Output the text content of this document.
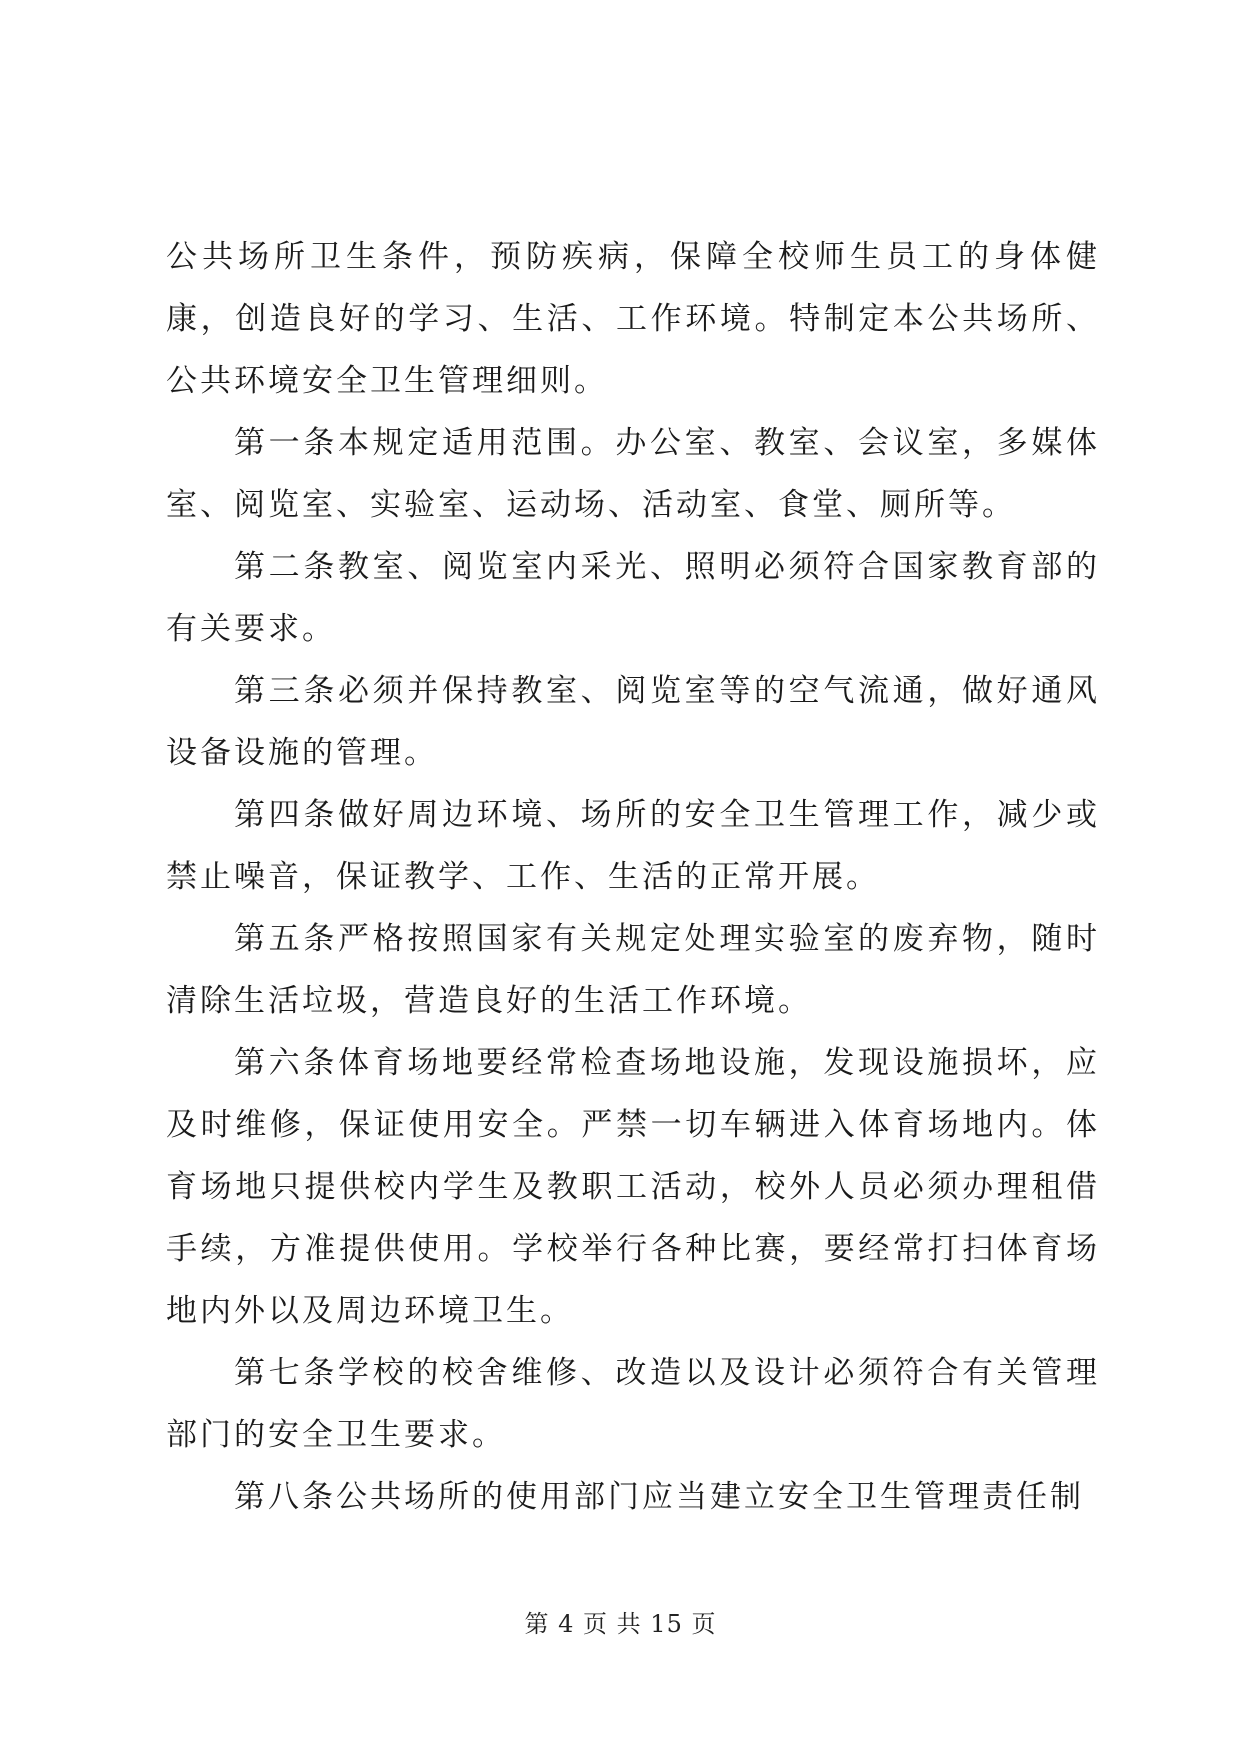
公共场所卫生条件，预防疾病，保障全校师生员工的身体健康，创造良好的学习、生活、工作环境。特制定本公共场所、公共环境安全卫生管理细则。

第一条本规定适用范围。办公室、教室、会议室，多媒体室、阅览室、实验室、运动场、活动室、食堂、厕所等。

第二条教室、阅览室内采光、照明必须符合国家教育部的有关要求。

第三条必须并保持教室、阅览室等的空气流通，做好通风设备设施的管理。

第四条做好周边环境、场所的安全卫生管理工作，减少或禁止噪音，保证教学、工作、生活的正常开展。

第五条严格按照国家有关规定处理实验室的废弃物，随时清除生活垃圾，营造良好的生活工作环境。

第六条体育场地要经常检查场地设施，发现设施损坏，应及时维修，保证使用安全。严禁一切车辆进入体育场地内。体育场地只提供校内学生及教职工活动，校外人员必须办理租借手续，方准提供使用。学校举行各种比赛，要经常打扫体育场地内外以及周边环境卫生。

第七条学校的校舍维修、改造以及设计必须符合有关管理部门的安全卫生要求。

第八条公共场所的使用部门应当建立安全卫生管理责任制

第 4 页 共 15 页
